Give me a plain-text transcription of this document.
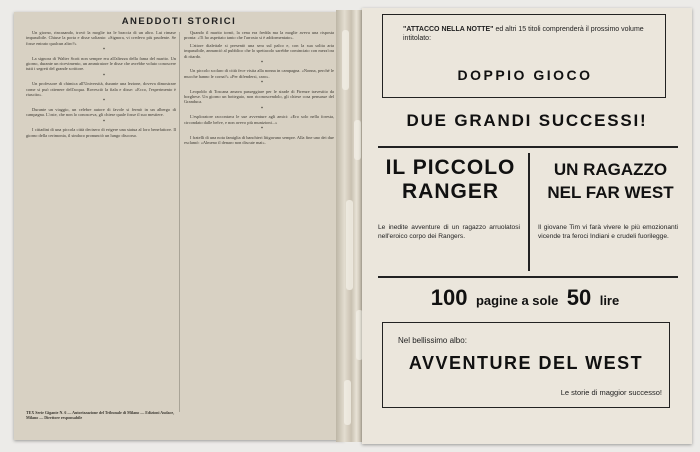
ANEDDOTI STORICI

Un giorno, rincasando, trovò la moglie tra le braccia di un altro. Lui rimase impassibile. Chiuse la porta e disse soltanto: «Signora, vi credevo più prudente. Se fosse entrato qualcun altro?»

*

La signora di Walter Scott non sempre era all'altezza della fama del marito. Un giorno, durante un ricevimento, un ammiratore le disse che avrebbe voluto conoscere tutti i segreti del grande scrittore.

*

Un professore di chimica all'Università, durante una lezione, doveva dimostrare come si può ottenere dell'acqua. Rovesciò la fiala e disse: «Ecco, l'esperimento è riuscito».

*

Durante un viaggio, un celebre autore di favole si fermò in un albergo di campagna. L'oste, che non lo conosceva, gli chiese quale fosse il suo mestiere.

*

I cittadini di una piccola città decisero di erigere una statua al loro benefattore. Il giorno della cerimonia, il sindaco pronunciò un lungo discorso.

Quando il marito tornò, la cena era fredda ma la moglie aveva una risposta pronta: «Ti ho aspettato tanto che l'arrosto si è addormentato».

L'attore dialettale si presentò una sera sul palco e, con la sua solita aria impassibile, annunciò al pubblico che lo spettacolo sarebbe cominciato con mezz'ora di ritardo.

*

Un piccolo scolaro di città fece visita alla nonna in campagna. «Nonna, perché le mucche hanno le corna?» «Per difendersi, caro».

*

Leopoldo di Toscana amava passeggiare per le strade di Firenze travestito da borghese. Un giorno un bottegaio, non riconoscendolo, gli chiese cosa pensasse del Granduca.

*

L'esploratore raccontava le sue avventure agli amici: «Ero solo nella foresta, circondato dalle belve, e non avevo più munizioni...»

*

I fratelli di una nota famiglia di banchieri litigavano sempre. Alla fine uno dei due esclamò: «Almeno il denaro non discute mai».

TEX Serie Gigante N. 6 — Autorizzazione del Tribunale di Milano — Edizioni Audace, Milano — Direttore responsabile
"ATTACCO NELLA NOTTE" ed altri 15 titoli comprenderà il prossimo volume intitolato:
DOPPIO GIOCO
DUE GRANDI SUCCESSI!
IL PICCOLO
RANGER
UN RAGAZZO
NEL FAR WEST
Le inedite avventure di un ragazzo arruolatosi nell'eroico corpo dei Rangers.
Il giovane Tim vi farà vivere le più emozionanti vicende tra feroci Indiani e crudeli fuorilegge.
100 pagine a sole 50 lire
Nel bellissimo albo:
AVVENTURE DEL WEST
Le storie di maggior successo!
